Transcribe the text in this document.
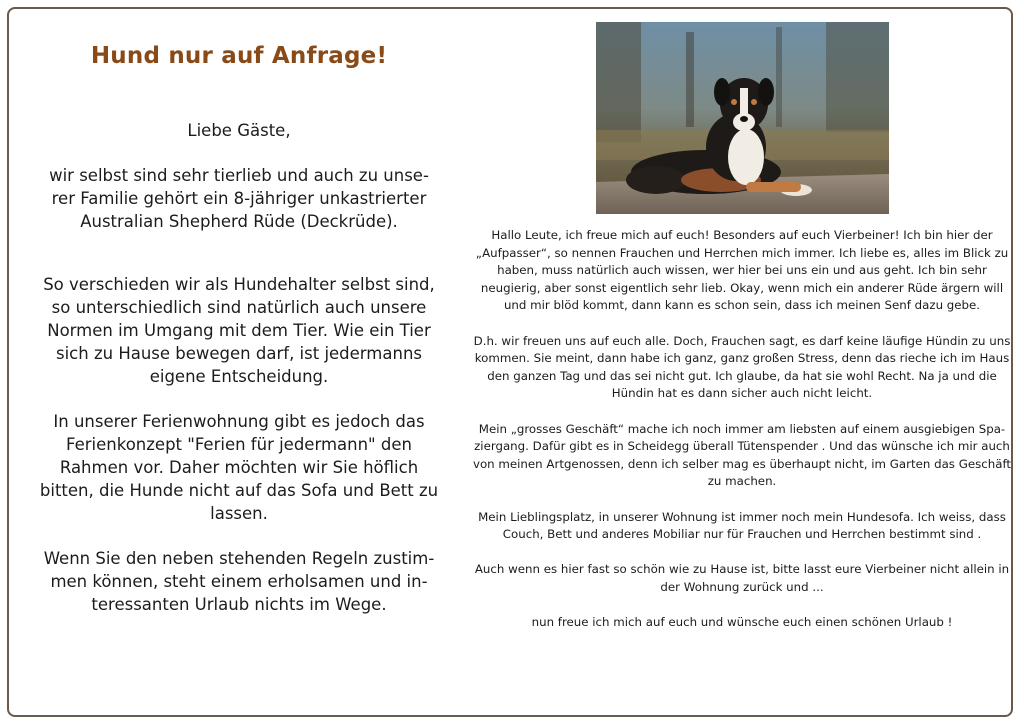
Hund nur auf Anfrage!

Liebe Gäste,

wir selbst sind sehr tierlieb und auch zu unse-rer Familie gehört ein 8-jähriger unkastrierter Australian Shepherd Rüde (Deckrüde).

So verschieden wir als Hundehalter selbst sind, so unterschiedlich sind natürlich auch unsere Normen im Umgang mit dem Tier. Wie ein Tier sich zu Hause bewegen darf, ist jedermanns eigene Entscheidung.

In unserer Ferienwohnung gibt es jedoch das Ferienkonzept "Ferien für jedermann" den Rahmen vor. Daher möchten wir Sie höflich bitten, die Hunde nicht auf das Sofa und Bett zu lassen.

Wenn Sie den neben stehenden Regeln zustim-men können, steht einem erholsamen und in-teressanten Urlaub nichts im Wege.

Hallo Leute, ich freue mich auf euch! Besonders auf euch Vierbeiner! Ich bin hier der „Aufpasser“, so nennen Frauchen und Herrchen mich immer. Ich liebe es, alles im Blick zu haben, muss natürlich auch wissen, wer hier bei uns ein und aus geht. Ich bin sehr neugierig, aber sonst eigentlich sehr lieb. Okay, wenn mich ein anderer Rüde ärgern will und mir blöd kommt, dann kann es schon sein, dass ich meinen Senf dazu gebe.

D.h. wir freuen uns auf euch alle. Doch, Frauchen sagt, es darf keine läufige Hündin zu uns kommen. Sie meint, dann habe ich ganz, ganz großen Stress, denn das rieche ich im Haus den ganzen Tag und das sei nicht gut. Ich glaube, da hat sie wohl Recht. Na ja und die Hündin hat es dann sicher auch nicht leicht.

Mein „grosses Geschäft“ mache ich noch immer am liebsten auf einem ausgiebigen Spa-ziergang. Dafür gibt es in Scheidegg überall Tütenspender . Und das wünsche ich mir auch von meinen Artgenossen, denn ich selber mag es überhaupt nicht, im Garten das Geschäft zu machen.

Mein Lieblingsplatz, in unserer Wohnung ist immer noch mein Hundesofa. Ich weiss, dass Couch, Bett und anderes Mobiliar nur für Frauchen und Herrchen bestimmt sind .

Auch wenn es hier fast so schön wie zu Hause ist, bitte lasst eure Vierbeiner nicht allein in der Wohnung zurück und ...

nun freue ich mich auf euch und wünsche euch einen schönen Urlaub !
